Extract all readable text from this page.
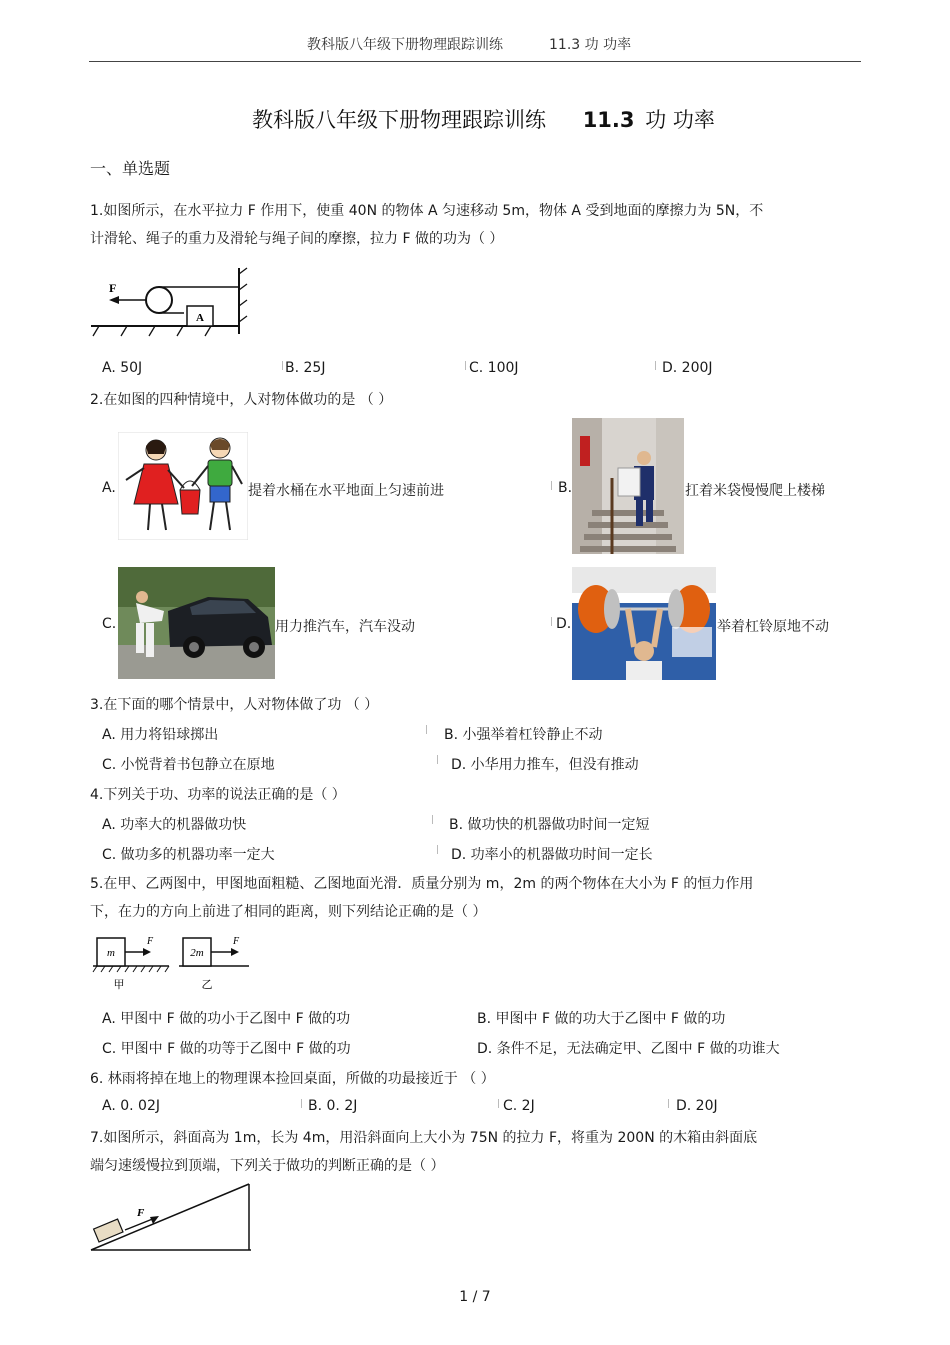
教科版八年级下册物理跟踪训练	11.3 功 功率
教科版八年级下册物理跟踪训练 11.3 功 功率
一、单选题
1.如图所示，在水平拉力 F 作用下，使重 40N 的物体 A 匀速移动 5m，物体 A 受到地面的摩擦力为 5N，不
计滑轮、绳子的重力及滑轮与绳子间的摩擦，拉力 F 做的功为（ ）
A
F
A. 50J	B. 25J	C. 100J	D. 200J
2.在如图的四种情境中，人对物体做功的是 （ ）
A.	提着水桶在水平地面上匀速前进	B.	扛着米袋慢慢爬上楼梯
C.	用力推汽车，汽车没动	D.	举着杠铃原地不动
3.在下面的哪个情景中，人对物体做了功 （ ）
A. 用力将铅球掷出	B. 小强举着杠铃静止不动
C. 小悦背着书包静立在原地	D. 小华用力推车，但没有推动
4.下列关于功、功率的说法正确的是（ ）
A. 功率大的机器做功快	B. 做功快的机器做功时间一定短
C. 做功多的机器功率一定大	D. 功率小的机器做功时间一定长
5.在甲、乙两图中，甲图地面粗糙、乙图地面光滑．质量分别为 m，2m 的两个物体在大小为 F 的恒力作用
下，在力的方向上前进了相同的距离，则下列结论正确的是（ ）
m
F
甲
2m
F
乙
A. 甲图中 F 做的功小于乙图中 F 做的功	B. 甲图中 F 做的功大于乙图中 F 做的功
C. 甲图中 F 做的功等于乙图中 F 做的功	D. 条件不足，无法确定甲、乙图中 F 做的功谁大
6. 林雨将掉在地上的物理课本捡回桌面，所做的功最接近于 （ ）
A. 0. 02J	B. 0. 2J	C. 2J	D. 20J
7.如图所示，斜面高为 1m，长为 4m，用沿斜面向上大小为 75N 的拉力 F，将重为 200N 的木箱由斜面底
端匀速缓慢拉到顶端，下列关于做功的判断正确的是（ ）
F
1 / 7
